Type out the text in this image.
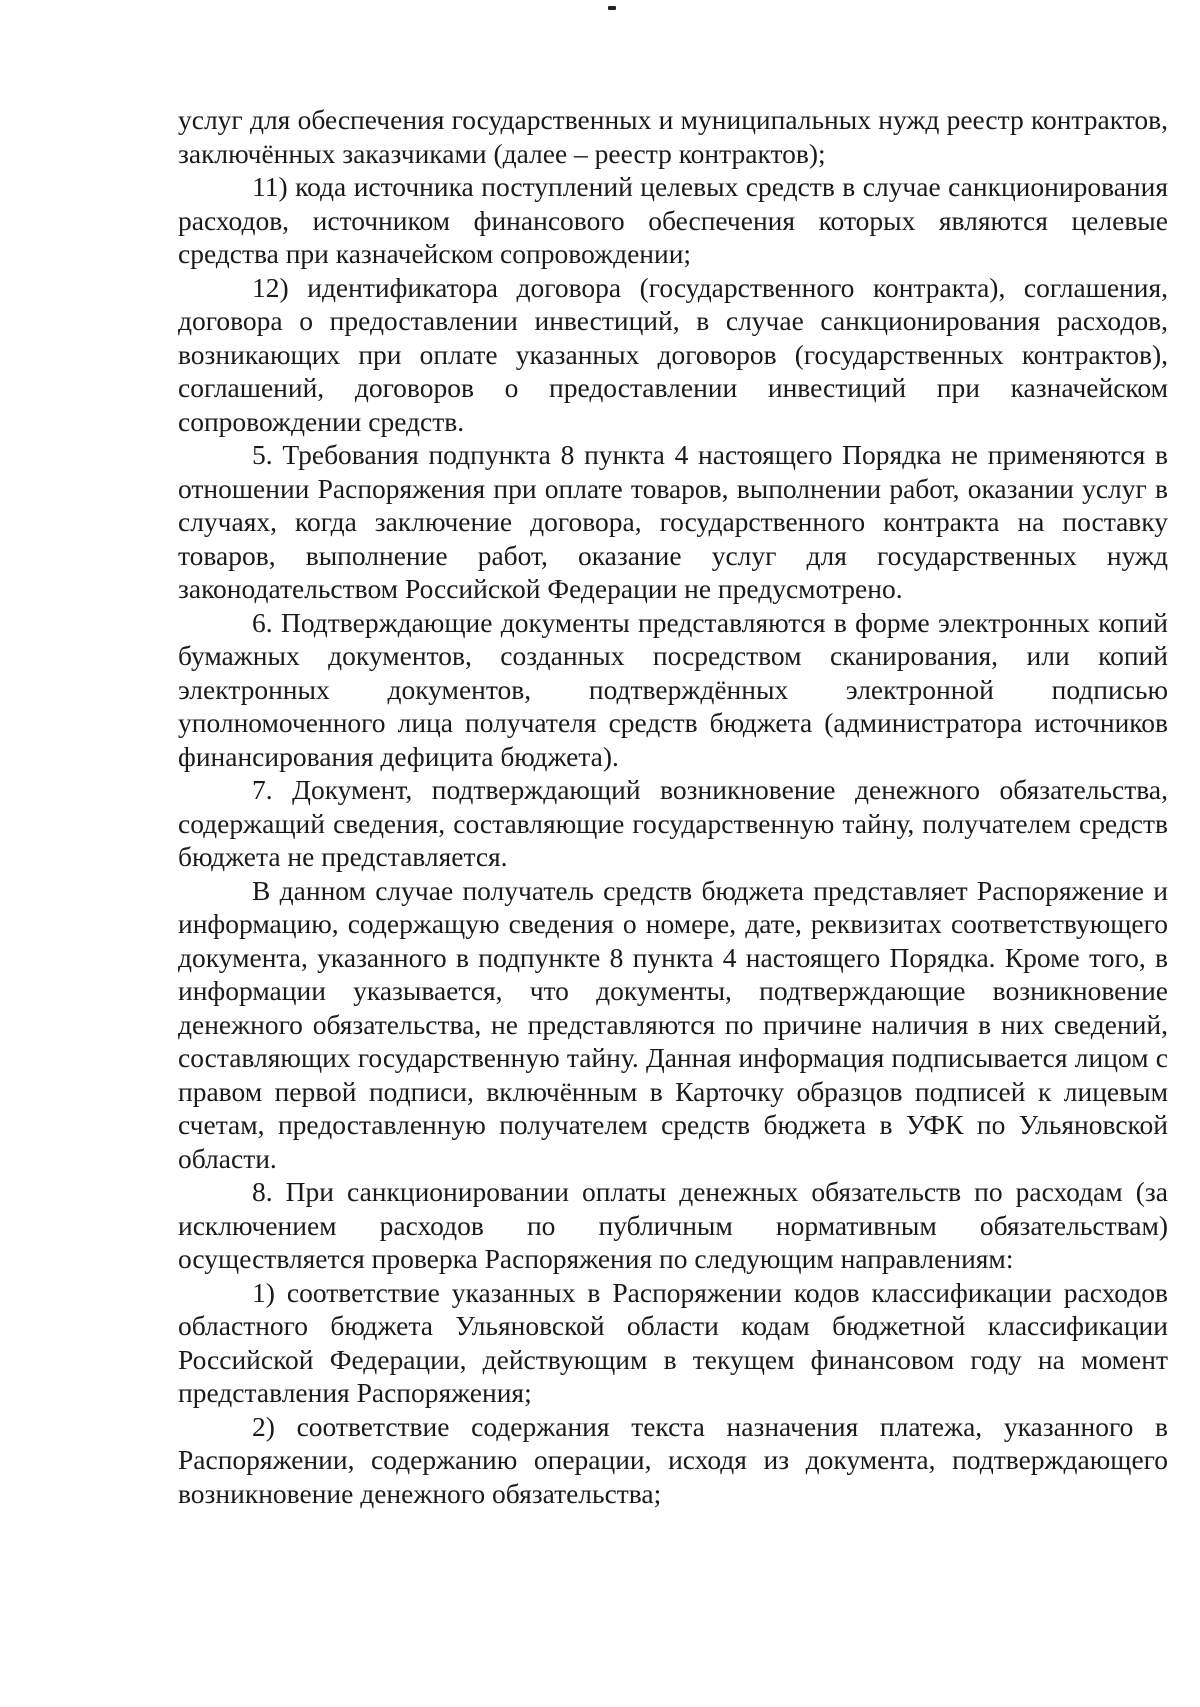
услуг для обеспечения государственных и муниципальных нужд реестр контрактов, заключённых заказчиками (далее – реестр контрактов);

11) кода источника поступлений целевых средств в случае санкционирования расходов, источником финансового обеспечения которых являются целевые средства при казначейском сопровождении;

12) идентификатора договора (государственного контракта), соглашения, договора о предоставлении инвестиций, в случае санкционирования расходов, возникающих при оплате указанных договоров (государственных контрактов), соглашений, договоров о предоставлении инвестиций при казначейском сопровождении средств.

5. Требования подпункта 8 пункта 4 настоящего Порядка не применяются в отношении Распоряжения при оплате товаров, выполнении работ, оказании услуг в случаях, когда заключение договора, государственного контракта на поставку товаров, выполнение работ, оказание услуг для государственных нужд законодательством Российской Федерации не предусмотрено.

6. Подтверждающие документы представляются в форме электронных копий бумажных документов, созданных посредством сканирования, или копий электронных документов, подтверждённых электронной подписью уполномоченного лица получателя средств бюджета (администратора источников финансирования дефицита бюджета).

7. Документ, подтверждающий возникновение денежного обязательства, содержащий сведения, составляющие государственную тайну, получателем средств бюджета не представляется.

В данном случае получатель средств бюджета представляет Распоряжение и информацию, содержащую сведения о номере, дате, реквизитах соответствующего документа, указанного в подпункте 8 пункта 4 настоящего Порядка. Кроме того, в информации указывается, что документы, подтверждающие возникновение денежного обязательства, не представляются по причине наличия в них сведений, составляющих государственную тайну. Данная информация подписывается лицом с правом первой подписи, включённым в Карточку образцов подписей к лицевым счетам, предоставленную получателем средств бюджета в УФК по Ульяновской области.

8. При санкционировании оплаты денежных обязательств по расходам (за исключением расходов по публичным нормативным обязательствам) осуществляется проверка Распоряжения по следующим направлениям:

1) соответствие указанных в Распоряжении кодов классификации расходов областного бюджета Ульяновской области кодам бюджетной классификации Российской Федерации, действующим в текущем финансовом году на момент представления Распоряжения;

2) соответствие содержания текста назначения платежа, указанного в Распоряжении, содержанию операции, исходя из документа, подтверждающего возникновение денежного обязательства;
